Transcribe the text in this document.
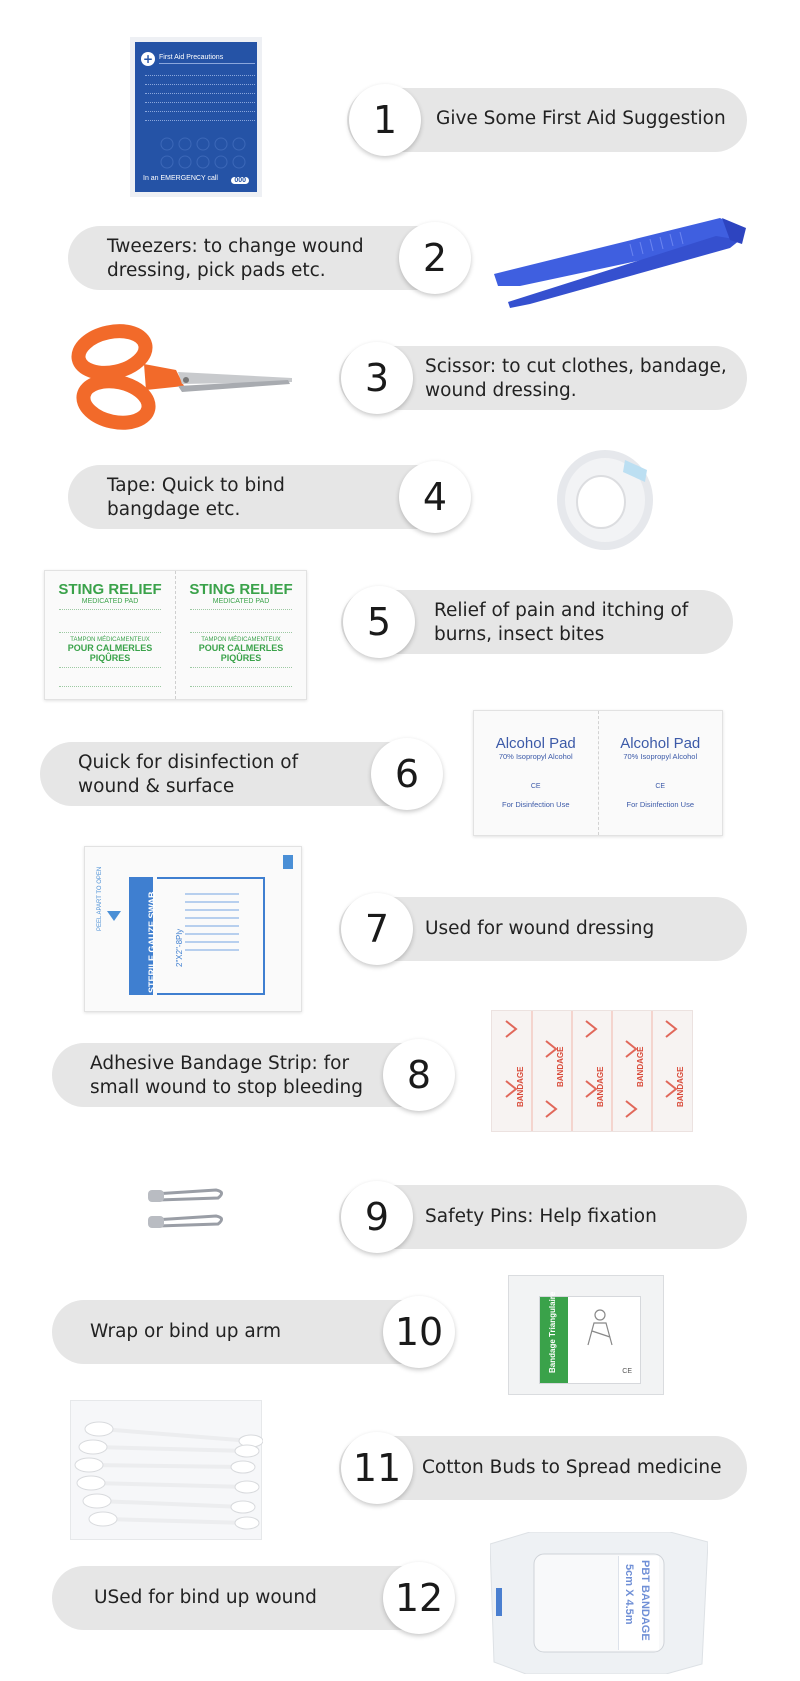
+ First Aid Precautions
In an EMERGENCY call	000
1	Give Some First Aid Suggestion
Tweezers: to change wound
dressing, pick pads etc.	2
3	Scissor: to cut clothes, bandage,
wound dressing.
Tape: Quick to bind
bangdage etc.	4
STING RELIEF
MEDICATED PAD
TAMPON MÉDICAMENTEUX
POUR CALMERLES PIQÛRES
STING RELIEF
MEDICATED PAD
TAMPON MÉDICAMENTEUX
POUR CALMERLES PIQÛRES
5	Relief of pain and itching of
burns, insect bites
Quick for disinfection of
wound & surface	6
Alcohol Pad
70% Isopropyl Alcohol
CE
For Disinfection Use
Alcohol Pad
70% Isopropyl Alcohol
CE
For Disinfection Use
PEEL APART TO OPEN	STERILE GAUZE SWAB 2"X2"-8Ply	7	Used for wound dressing
Adhesive Bandage Strip: for
small wound to stop bleeding	8	BANDAGE	BANDAGE	BANDAGE	BANDAGE	BANDAGE
9	Safety Pins: Help fixation
Wrap or bind up arm	10	Bandage Triangulaire	CE
11	Cotton Buds to Spread medicine
USed for bind up wound	12	PBT BANDAGE
5cm X 4.5m
